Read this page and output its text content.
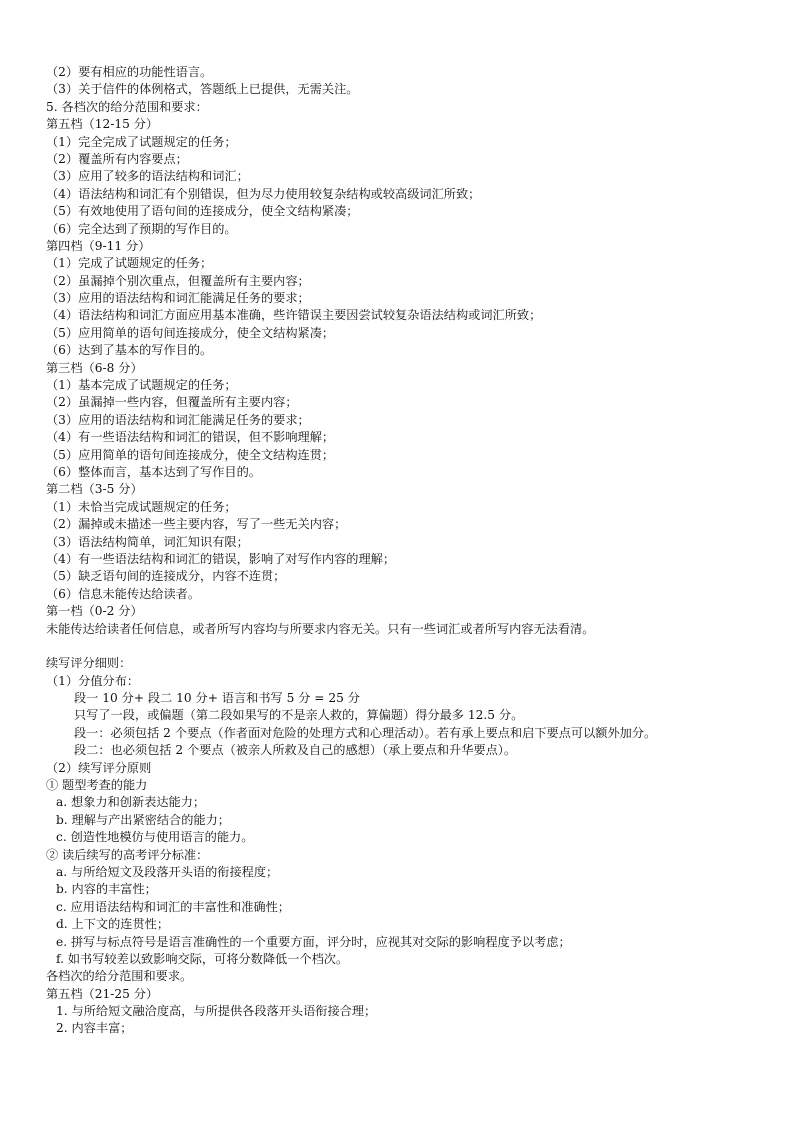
（2）要有相应的功能性语言。
（3）关于信件的体例格式，答题纸上已提供，无需关注。
5. 各档次的给分范围和要求：
第五档（12-15 分）
（1）完全完成了试题规定的任务；
（2）覆盖所有内容要点；
（3）应用了较多的语法结构和词汇；
（4）语法结构和词汇有个别错误，但为尽力使用较复杂结构或较高级词汇所致；
（5）有效地使用了语句间的连接成分，使全文结构紧凑；
（6）完全达到了预期的写作目的。
第四档（9-11 分）
（1）完成了试题规定的任务；
（2）虽漏掉个别次重点，但覆盖所有主要内容；
（3）应用的语法结构和词汇能满足任务的要求；
（4）语法结构和词汇方面应用基本准确，些许错误主要因尝试较复杂语法结构或词汇所致；
（5）应用简单的语句间连接成分，使全文结构紧凑；
（6）达到了基本的写作目的。
第三档（6-8 分）
（1）基本完成了试题规定的任务；
（2）虽漏掉一些内容，但覆盖所有主要内容；
（3）应用的语法结构和词汇能满足任务的要求；
（4）有一些语法结构和词汇的错误，但不影响理解；
（5）应用简单的语句间连接成分，使全文结构连贯；
（6）整体而言，基本达到了写作目的。
第二档（3-5 分）
（1）未恰当完成试题规定的任务；
（2）漏掉或未描述一些主要内容，写了一些无关内容；
（3）语法结构简单，词汇知识有限；
（4）有一些语法结构和词汇的错误，影响了对写作内容的理解；
（5）缺乏语句间的连接成分，内容不连贯；
（6）信息未能传达给读者。
第一档（0-2 分）
未能传达给读者任何信息，或者所写内容均与所要求内容无关。只有一些词汇或者所写内容无法看清。
续写评分细则：
（1）分值分布：
段一 10 分+ 段二 10 分+ 语言和书写 5 分 = 25 分
只写了一段，或偏题（第二段如果写的不是亲人救的，算偏题）得分最多 12.5 分。
段一：必须包括 2 个要点（作者面对危险的处理方式和心理活动）。若有承上要点和启下要点可以额外加分。
段二：也必须包括 2 个要点（被亲人所救及自己的感想）（承上要点和升华要点）。
（2）续写评分原则
① 题型考查的能力
a. 想象力和创新表达能力；
b. 理解与产出紧密结合的能力；
c. 创造性地模仿与使用语言的能力。
② 读后续写的高考评分标准：
a. 与所给短文及段落开头语的衔接程度；
b. 内容的丰富性；
c. 应用语法结构和词汇的丰富性和准确性；
d. 上下文的连贯性；
e. 拼写与标点符号是语言准确性的一个重要方面，评分时，应视其对交际的影响程度予以考虑；
f. 如书写较差以致影响交际，可将分数降低一个档次。
各档次的给分范围和要求。
第五档（21-25 分）
1. 与所给短文融洽度高，与所提供各段落开头语衔接合理；
2. 内容丰富；
